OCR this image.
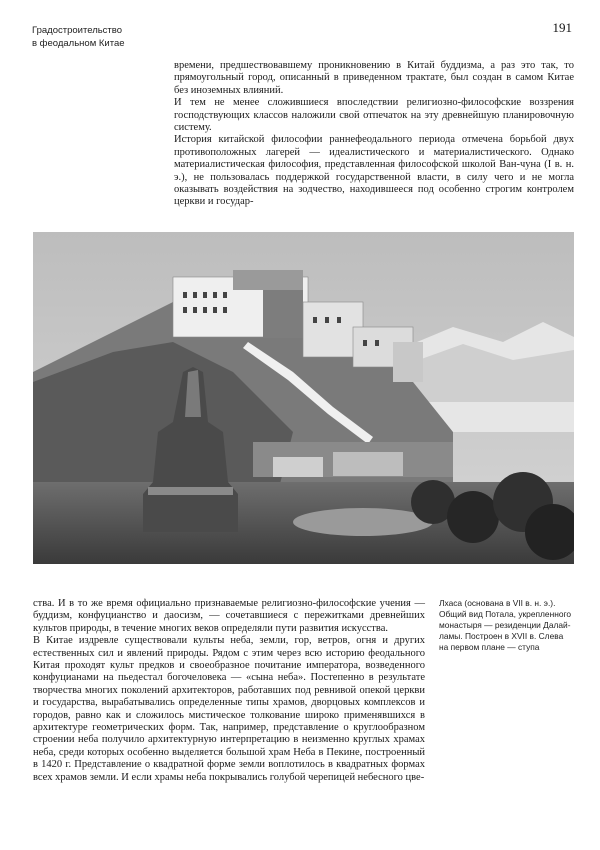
Градостроительство
в феодальном Китае
191

времени, предшествовавшему проникновению в Китай буддизма, а раз это так, то прямоугольный город, описанный в приведенном трактате, был создан в самом Китае без иноземных влияний.

И тем не менее сложившиеся впоследствии религиозно-философские воззрения господствующих классов наложили свой отпечаток на эту древнейшую планировочную систему.

История китайской философии раннефеодального периода отмечена борьбой двух противоположных лагерей — идеалистического и материалистического. Однако материалистическая философия, представленная философской школой Ван-чуна (I в. н. э.), не пользовалась поддержкой государственной власти, в силу чего и не могла оказывать воздействия на зодчество, находившееся под особенно строгим контролем церкви и государ-

Лхаса (основана в VII в. н. э.). Общий вид Потала, укрепленного монастыря — резиденции Далай-ламы. Построен в XVII в. Слева на первом плане — ступа

ства. И в то же время официально признаваемые религиозно-философские учения — буддизм, конфуцианство и даосизм, — сочетавшиеся с пережитками древнейших культов природы, в течение многих веков определяли пути развития искусства.

В Китае издревле существовали культы неба, земли, гор, ветров, огня и других естественных сил и явлений природы. Рядом с этим через всю историю феодального Китая проходят культ предков и своеобразное почитание императора, возведенного конфуцианами на пьедестал богочеловека — «сына неба». Постепенно в результате творчества многих поколений архитекторов, работавших под ревнивой опекой церкви и государства, вырабатывались определенные типы храмов, дворцовых комплексов и городов, равно как и сложилось мистическое толкование широко применявшихся в архитектуре геометрических форм. Так, например, представление о круглообразном строении неба получило архитектурную интерпретацию в неизменно круглых храмах неба, среди которых особенно выделяется большой храм Неба в Пекине, построенный в 1420 г. Представление о квадратной форме земли воплотилось в квадратных формах всех храмов земли. И если храмы неба покрывались голубой черепицей небесного цве-
